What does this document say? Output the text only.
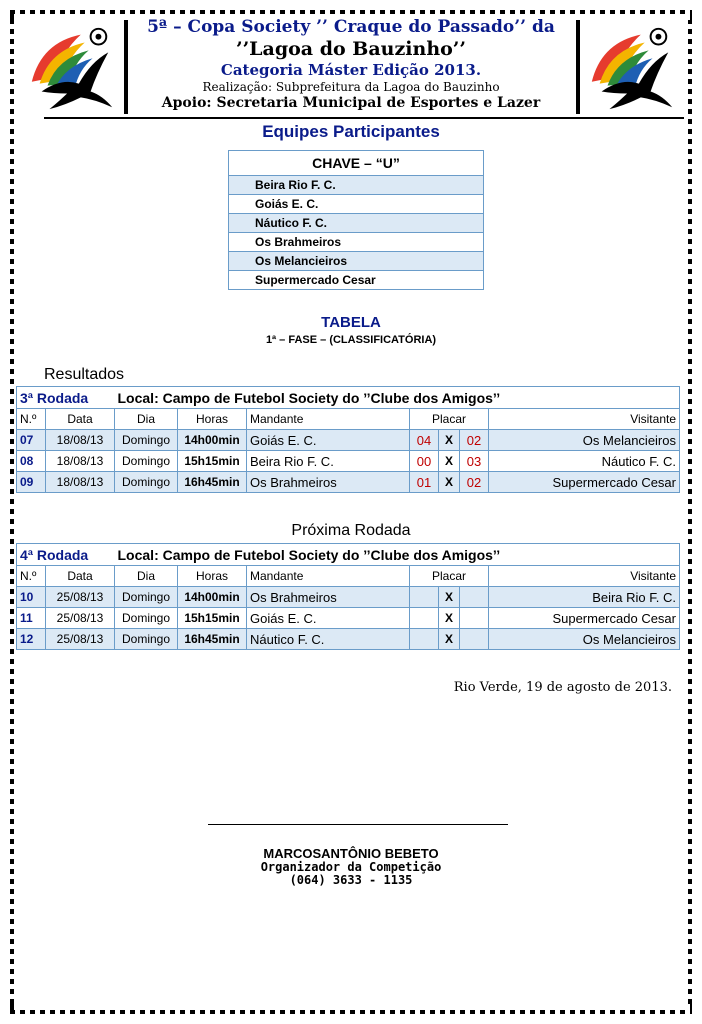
5ª – Copa Society ’’ Craque do Passado’’ da
’’Lagoa do Bauzinho’’
Categoria Máster Edição 2013.
Realização: Subprefeitura da Lagoa do Bauzinho
Apoio: Secretaria Municipal de Esportes e Lazer
Equipes Participantes
CHAVE – “U”
Beira Rio F. C.
Goiás E. C.
Náutico F. C.
Os Brahmeiros
Os Melancieiros
Supermercado Cesar
TABELA
1ª – FASE – (CLASSIFICATÓRIA)
Resultados
3ª Rodada		Local: Campo de Futebol Society do ’’Clube dos Amigos’’						
N.º	Data	Dia	Horas	Mandante	Placar			Visitante
07	18/08/13	Domingo	14h00min	Goiás E. C.	04	X	02	Os Melancieiros
08	18/08/13	Domingo	15h15min	Beira Rio F. C.	00	X	03	Náutico F. C.
09	18/08/13	Domingo	16h45min	Os Brahmeiros	01	X	02	Supermercado Cesar
Próxima Rodada
4ª Rodada		Local: Campo de Futebol Society do ’’Clube dos Amigos’’						
N.º	Data	Dia	Horas	Mandante	Placar			Visitante
10	25/08/13	Domingo	14h00min	Os Brahmeiros		X		Beira Rio F. C.
11	25/08/13	Domingo	15h15min	Goiás E. C.		X		Supermercado Cesar
12	25/08/13	Domingo	16h45min	Náutico F. C.		X		Os Melancieiros
Rio Verde, 19 de agosto de 2013.
MARCOSANTÔNIO BEBETO
Organizador da Competição
(064) 3633 - 1135
